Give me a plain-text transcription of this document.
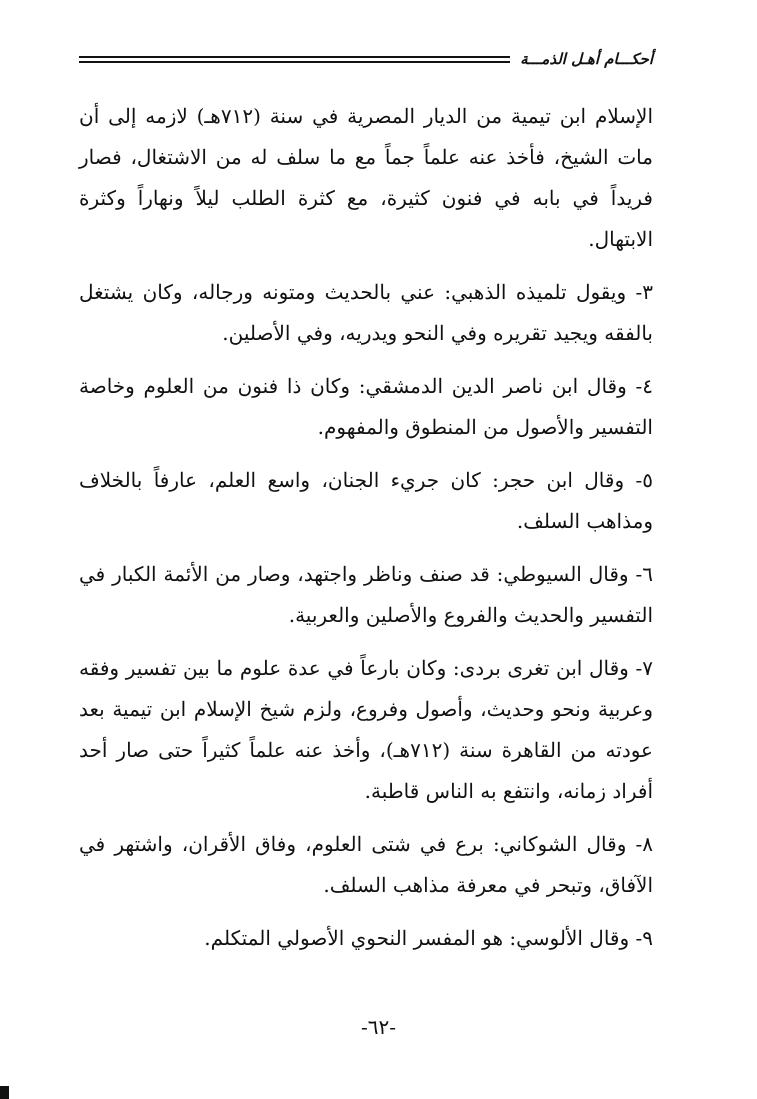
أحكـــام أهـل الذمـــة

الإسلام ابن تيمية من الديار المصرية في سنة (٧١٢هـ) لازمه إلى أن مات الشيخ، فأخذ عنه علماً جماً مع ما سلف له من الاشتغال، فصار فريداً في بابه في فنون كثيرة، مع كثرة الطلب ليلاً ونهاراً وكثرة الابتهال.

٣- ويقول تلميذه الذهبي: عني بالحديث ومتونه ورجاله، وكان يشتغل بالفقه ويجيد تقريره وفي النحو ويدريه، وفي الأصلين.

٤- وقال ابن ناصر الدين الدمشقي: وكان ذا فنون من العلوم وخاصة التفسير والأصول من المنطوق والمفهوم.

٥- وقال ابن حجر: كان جريء الجنان، واسع العلم، عارفاً بالخلاف ومذاهب السلف.

٦- وقال السيوطي: قد صنف وناظر واجتهد، وصار من الأئمة الكبار في التفسير والحديث والفروع والأصلين والعربية.

٧- وقال ابن تغرى بردى: وكان بارعاً في عدة علوم ما بين تفسير وفقه وعربية ونحو وحديث، وأصول وفروع، ولزم شيخ الإسلام ابن تيمية بعد عودته من القاهرة سنة (٧١٢هـ)، وأخذ عنه علماً كثيراً حتى صار أحد أفراد زمانه، وانتفع به الناس قاطبة.

٨- وقال الشوكاني: برع في شتى العلوم، وفاق الأقران، واشتهر في الآفاق، وتبحر في معرفة مذاهب السلف.

٩- وقال الألوسي: هو المفسر النحوي الأصولي المتكلم.

-٦٢-
